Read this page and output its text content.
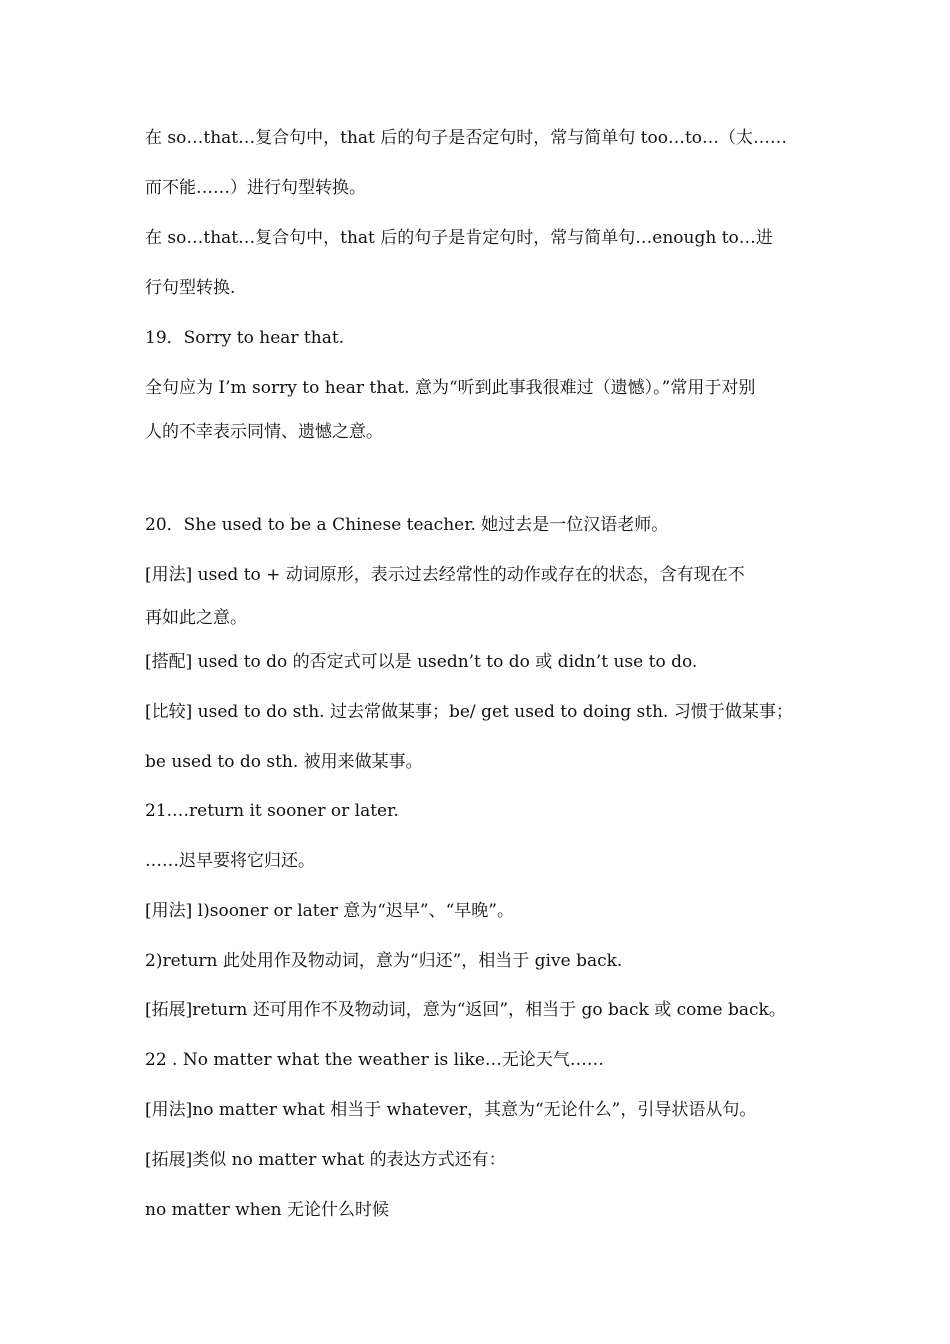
在 so…that…复合句中，that 后的句子是否定句时，常与简单句 too…to…（太……
而不能……）进行句型转换。
在 so…that…复合句中，that 后的句子是肯定句时，常与简单句…enough to…进
行句型转换.
19．Sorry to hear that.
全句应为 I’m sorry to hear that. 意为“听到此事我很难过（遗憾）。”常用于对别
人的不幸表示同情、遗憾之意。
20．She used to be a Chinese teacher. 她过去是一位汉语老师。
[用法] used to + 动词原形，表示过去经常性的动作或存在的状态，含有现在不
再如此之意。
[搭配] used to do 的否定式可以是 usedn’t to do 或 didn’t use to do.
[比较] used to do sth. 过去常做某事；be/ get used to doing sth. 习惯于做某事；
be used to do sth. 被用来做某事。
21.…return it sooner or later.
……迟早要将它归还。
[用法] l)sooner or later 意为“迟早”、“早晚”。
2)return 此处用作及物动词，意为“归还”，相当于 give back.
[拓展]return 还可用作不及物动词，意为“返回”，相当于 go back 或 come back。
22 . No matter what the weather is like…无论天气……
[用法]no matter what 相当于 whatever，其意为“无论什么”，引导状语从句。
[拓展]类似 no matter what 的表达方式还有：
no matter when 无论什么时候
